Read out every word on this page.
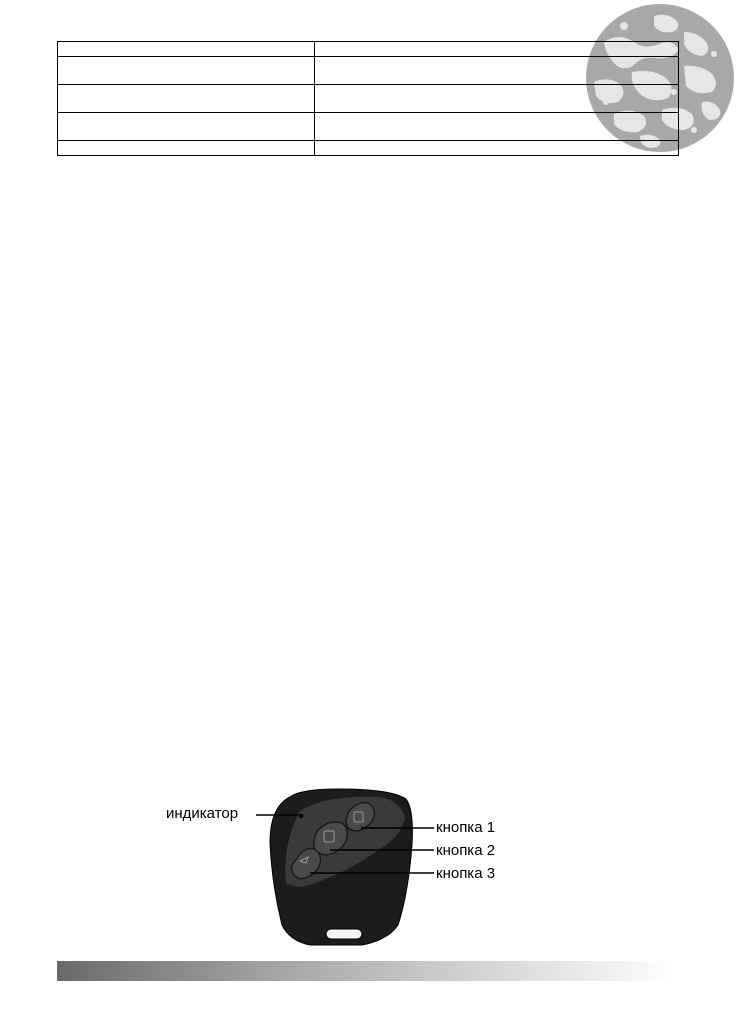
индикатор
кнопка 1
кнопка 2
кнопка 3
